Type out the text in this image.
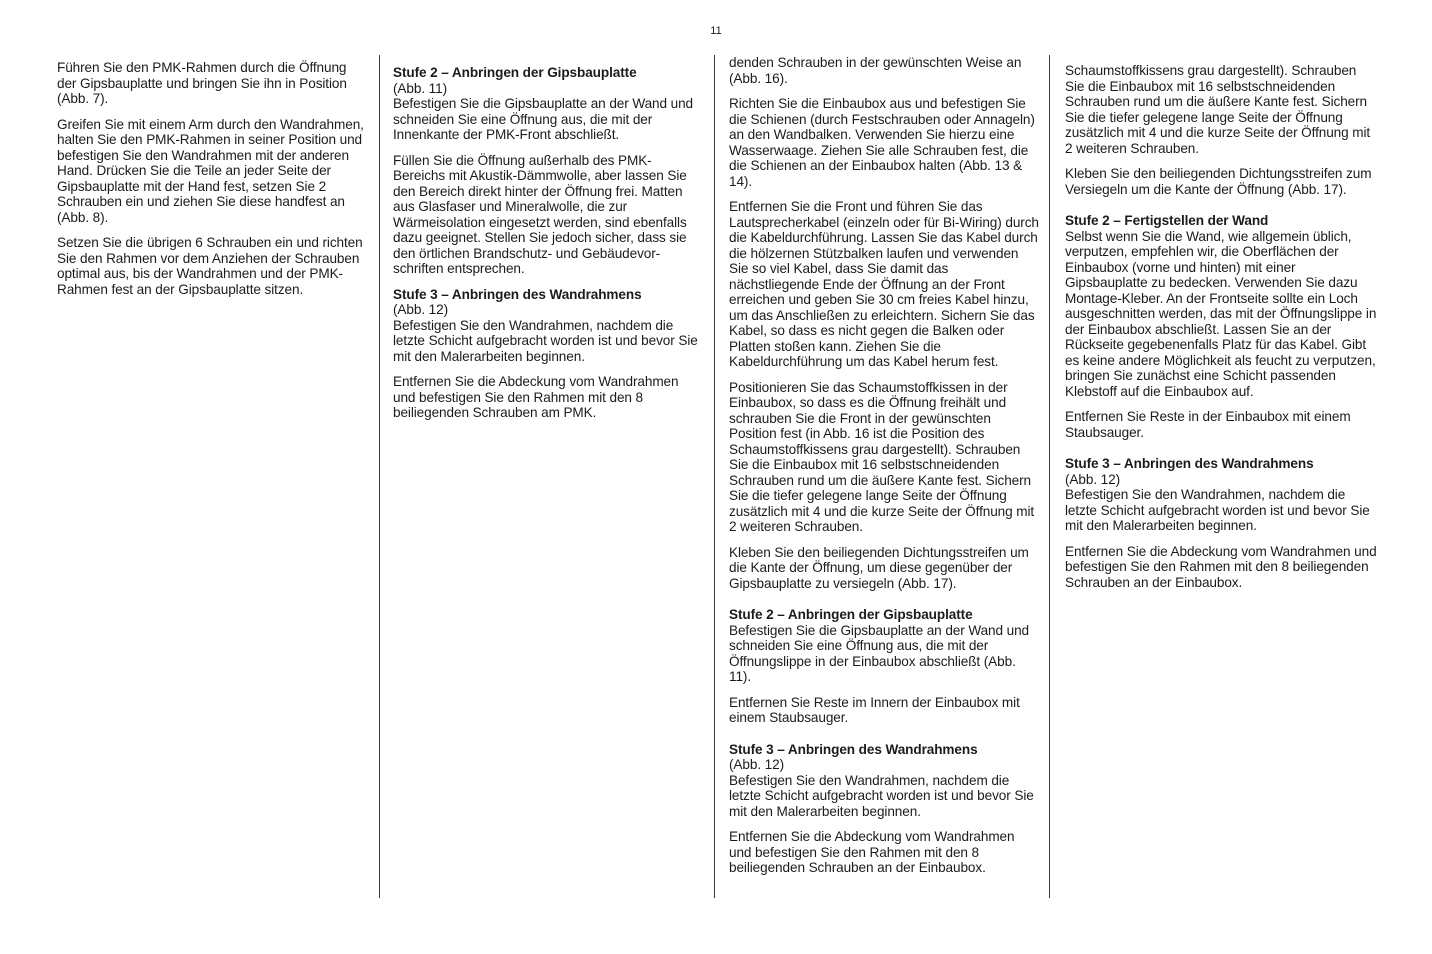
11

Führen Sie den PMK-Rahmen durch die Öffnung der Gipsbauplatte und bringen Sie ihn in Position (Abb. 7).

Greifen Sie mit einem Arm durch den Wandrahmen, halten Sie den PMK-Rahmen in seiner Position und befestigen Sie den Wandrahmen mit der anderen Hand. Drücken Sie die Teile an jeder Seite der Gipsbauplatte mit der Hand fest, setzen Sie 2 Schrauben ein und ziehen Sie diese handfest an (Abb. 8).

Setzen Sie die übrigen 6 Schrauben ein und richten Sie den Rahmen vor dem Anziehen der Schrauben optimal aus, bis der Wandrahmen und der PMK-Rahmen fest an der Gipsbauplatte sitzen.

Stufe 2 – Anbringen der Gipsbauplatte
(Abb. 11)
Befestigen Sie die Gipsbauplatte an der Wand und schneiden Sie eine Öffnung aus, die mit der Innenkante der PMK-Front abschließt.

Füllen Sie die Öffnung außerhalb des PMK-Bereichs mit Akustik-Dämmwolle, aber lassen Sie den Bereich direkt hinter der Öffnung frei. Matten aus Glasfaser und Mineralwolle, die zur Wärmeisolation eingesetzt werden, sind ebenfalls dazu geeignet. Stellen Sie jedoch sicher, dass sie den örtlichen Brandschutz- und Gebäudevor-schriften entsprechen.

Stufe 3 – Anbringen des Wandrahmens
(Abb. 12)
Befestigen Sie den Wandrahmen, nachdem die letzte Schicht aufgebracht worden ist und bevor Sie mit den Malerarbeiten beginnen.

Entfernen Sie die Abdeckung vom Wandrahmen und befestigen Sie den Rahmen mit den 8 beiliegenden Schrauben am PMK.

denden Schrauben in der gewünschten Weise an (Abb. 16).

Richten Sie die Einbaubox aus und befestigen Sie die Schienen (durch Festschrauben oder Annageln) an den Wandbalken. Verwenden Sie hierzu eine Wasserwaage. Ziehen Sie alle Schrauben fest, die die Schienen an der Einbaubox halten (Abb. 13 & 14).

Entfernen Sie die Front und führen Sie das Lautsprecherkabel (einzeln oder für Bi-Wiring) durch die Kabeldurchführung. Lassen Sie das Kabel durch die hölzernen Stützbalken laufen und verwenden Sie so viel Kabel, dass Sie damit das nächstliegende Ende der Öffnung an der Front erreichen und geben Sie 30 cm freies Kabel hinzu, um das Anschließen zu erleichtern. Sichern Sie das Kabel, so dass es nicht gegen die Balken oder Platten stoßen kann. Ziehen Sie die Kabeldurchführung um das Kabel herum fest.

Positionieren Sie das Schaumstoffkissen in der Einbaubox, so dass es die Öffnung freihält und schrauben Sie die Front in der gewünschten Position fest (in Abb. 16 ist die Position des Schaumstoffkissens grau dargestellt). Schrauben Sie die Einbaubox mit 16 selbstschneidenden Schrauben rund um die äußere Kante fest. Sichern Sie die tiefer gelegene lange Seite der Öffnung zusätzlich mit 4 und die kurze Seite der Öffnung mit 2 weiteren Schrauben.

Kleben Sie den beiliegenden Dichtungsstreifen um die Kante der Öffnung, um diese gegenüber der Gipsbauplatte zu versiegeln (Abb. 17).

Stufe 2 – Anbringen der Gipsbauplatte
Befestigen Sie die Gipsbauplatte an der Wand und schneiden Sie eine Öffnung aus, die mit der Öffnungslippe in der Einbaubox abschließt (Abb. 11).

Entfernen Sie Reste im Innern der Einbaubox mit einem Staubsauger.

Stufe 3 – Anbringen des Wandrahmens
(Abb. 12)
Befestigen Sie den Wandrahmen, nachdem die letzte Schicht aufgebracht worden ist und bevor Sie mit den Malerarbeiten beginnen.

Entfernen Sie die Abdeckung vom Wandrahmen und befestigen Sie den Rahmen mit den 8 beiliegenden Schrauben an der Einbaubox.

Schaumstoffkissens grau dargestellt). Schrauben Sie die Einbaubox mit 16 selbstschneidenden Schrauben rund um die äußere Kante fest. Sichern Sie die tiefer gelegene lange Seite der Öffnung zusätzlich mit 4 und die kurze Seite der Öffnung mit 2 weiteren Schrauben.

Kleben Sie den beiliegenden Dichtungsstreifen zum Versiegeln um die Kante der Öffnung (Abb. 17).

Stufe 2 – Fertigstellen der Wand
Selbst wenn Sie die Wand, wie allgemein üblich, verputzen, empfehlen wir, die Oberflächen der Einbaubox (vorne und hinten) mit einer Gipsbauplatte zu bedecken. Verwenden Sie dazu Montage-Kleber. An der Frontseite sollte ein Loch ausgeschnitten werden, das mit der Öffnungslippe in der Einbaubox abschließt. Lassen Sie an der Rückseite gegebenenfalls Platz für das Kabel. Gibt es keine andere Möglichkeit als feucht zu verputzen, bringen Sie zunächst eine Schicht passenden Klebstoff auf die Einbaubox auf.

Entfernen Sie Reste in der Einbaubox mit einem Staubsauger.

Stufe 3 – Anbringen des Wandrahmens
(Abb. 12)
Befestigen Sie den Wandrahmen, nachdem die letzte Schicht aufgebracht worden ist und bevor Sie mit den Malerarbeiten beginnen.

Entfernen Sie die Abdeckung vom Wandrahmen und befestigen Sie den Rahmen mit den 8 beiliegenden Schrauben an der Einbaubox.
